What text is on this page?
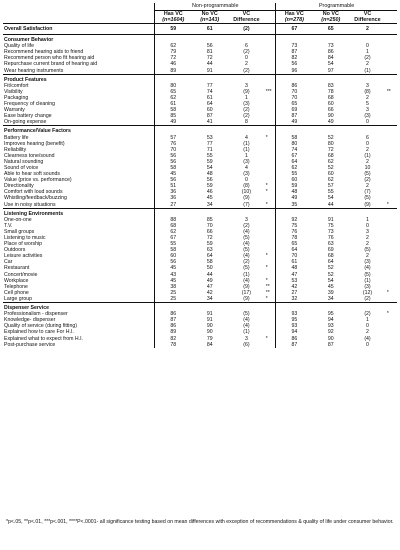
	Non-programmable				Programmable			
	Has VC	No VC	VC		Has VC	No VC	VC	
	(n=1604)	(n=143)	Difference		(n=278)	(n=250)	Difference	
Overall Satisfaction	59	61	(2)		67	65	2	
Consumer Behavior								
Quality of life	62	56	6		73	73	0	
Recommend hearing aids to friend	79	81	(2)		87	86	1	
Recommend person who fit hearing aid	72	72	0		82	84	(2)	
Repurchase current brand of hearing aid	46	44	2		56	54	2	
Wear hearing instruments	89	91	(2)		96	97	(1)	
Product Features								
Fit/comfort	80	77	3		86	83	3	
Visibility	65	74	(9)	***	70	78	(8)	**
Packaging	62	61	1		70	68	2	
Frequency of cleaning	61	64	(3)		65	60	5	
Warranty	58	60	(2)		69	66	3	
Ease battery change	85	87	(2)		87	90	(3)	
On-going expense	49	41	8		49	49	0	
Performance/Value Factors								
Battery life	57	53	4	*	58	52	6	
Improves hearing (benefit)	76	77	(1)		80	80	0	
Reliability	70	71	(1)		74	72	2	
Clearness tone/sound	56	55	1		67	68	(1)	
Natural sounding	56	59	(3)		64	62	2	
Sound of voice	58	54	4		62	52	10	
Able to hear soft sounds	45	48	(3)		55	60	(5)	
Value (price vs. performance)	56	56	0		60	62	(2)	
Directionality	51	59	(8)	*	59	57	2	
Comfort with loud sounds	36	46	(10)	*	48	55	(7)	
Whistling/feedback/buzzing	36	45	(9)		49	54	(5)	
Use in noisy situations	27	34	(7)	*	35	44	(9)	*
Listening Environments								
One-on-one	88	85	3		92	91	1	
T.V.	68	70	(2)		75	75	0	
Small groups	62	66	(4)		76	73	3	
Listening to music	67	72	(5)		78	76	2	
Place of worship	55	59	(4)		65	63	2	
Outdoors	58	63	(5)		64	69	(5)	
Leisure activities	60	64	(4)	*	70	68	2	
Car	56	58	(2)		61	64	(3)	
Restaurant	45	50	(5)	*	48	52	(4)	
Concert/movie	43	44	(1)		47	52	(5)	
Workplace	45	49	(4)	*	53	54	(1)	
Telephone	38	47	(9)	**	42	45	(3)	
Cell phone	25	42	(17)	**	27	39	(12)	*
Large group	25	34	(9)	*	32	34	(2)	
Dispenser Service								
Professionalism - dispenser	86	91	(5)		93	95	(2)	*
Knowledge- dispenser	87	91	(4)		95	94	1	
Quality of service (during fitting)	86	90	(4)		93	93	0	
Explained how to care For H.I.	89	90	(1)		94	92	2	
Explained what to expect from H.I.	82	79	3	*	86	90	(4)	
Post-purchase service	78	84	(6)		87	87	0	
*p<.05, **p<.01, ***p<.001, ****P<.0001- all significance testing based on mean differences with exception of recommendations & quality of life under consumer behavior.
